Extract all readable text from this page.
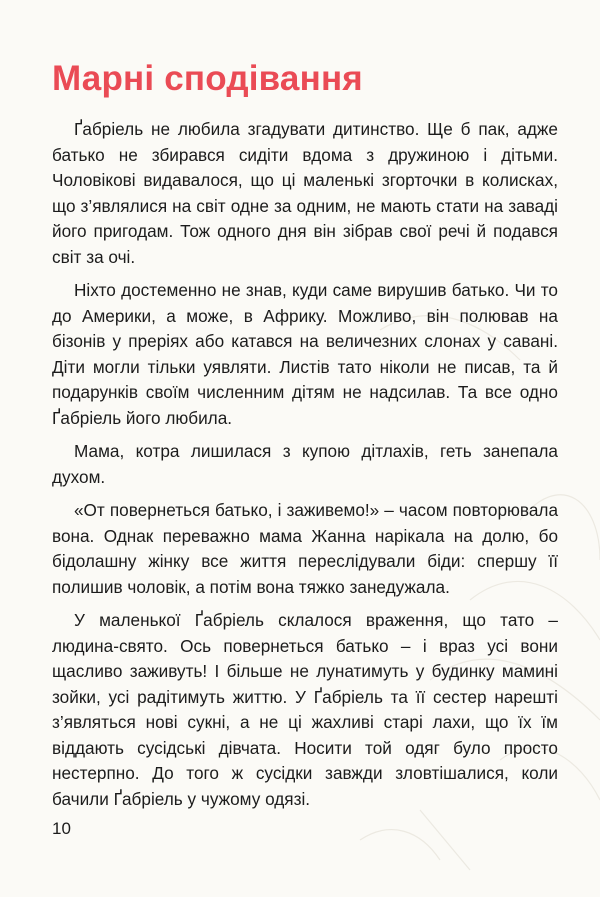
Марні сподівання

Ґабріель не любила згадувати дитинство. Ще б пак, адже батько не збирався сидіти вдома з дружиною і дітьми. Чоловікові видавалося, що ці маленькі згорточки в колисках, що з’являлися на світ одне за одним, не мають стати на заваді його пригодам. Тож одного дня він зібрав свої речі й подався світ за очі.

Ніхто достеменно не знав, куди саме вирушив батько. Чи то до Америки, а може, в Африку. Можливо, він полював на бізонів у преріях або катався на величезних слонах у савані. Діти могли тільки уявляти. Листів тато ніколи не писав, та й подарунків своїм численним дітям не надсилав. Та все одно Ґабріель його любила.

Мама, котра лишилася з купою дітлахів, геть занепала духом.

«От повернеться батько, і заживемо!» – часом повторювала вона. Однак переважно мама Жанна нарікала на долю, бо бідолашну жінку все життя переслідували біди: спершу її полишив чоловік, а потім вона тяжко занедужала.

У маленької Ґабріель склалося враження, що тато – людина-свято. Ось повернеться батько – і враз усі вони щасливо заживуть! І більше не лунатимуть у будинку мамині зойки, усі радітимуть життю. У Ґабріель та її сестер нарешті з’являться нові сукні, а не ці жахливі старі лахи, що їх їм віддають сусідські дівчата. Носити той одяг було просто нестерпно. До того ж сусідки завжди зловтішалися, коли бачили Ґабріель у чужому одязі.

10
